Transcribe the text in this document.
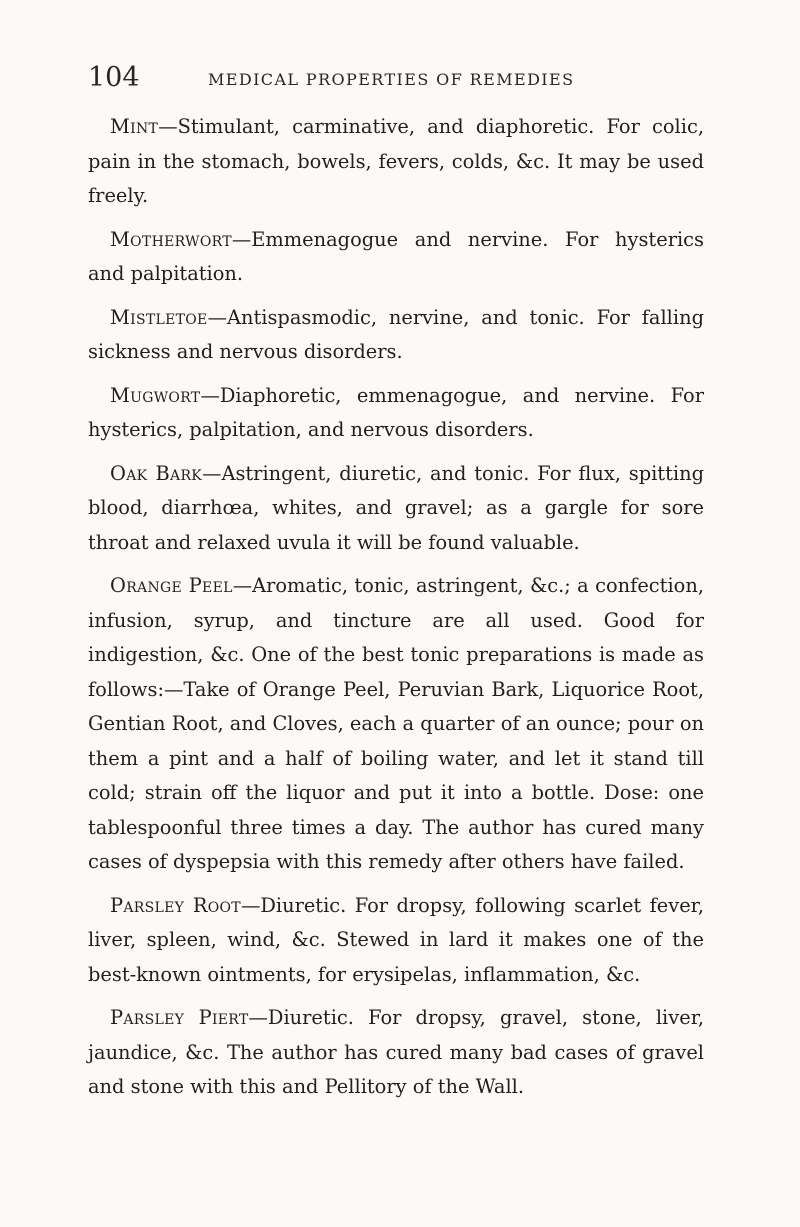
104	MEDICAL PROPERTIES OF REMEDIES

Mint—Stimulant, carminative, and diaphoretic. For colic, pain in the stomach, bowels, fevers, colds, &c. It may be used freely.

Motherwort—Emmenagogue and nervine. For hysterics and palpitation.

Mistletoe—Antispasmodic, nervine, and tonic. For falling sickness and nervous disorders.

Mugwort—Diaphoretic, emmenagogue, and nervine. For hysterics, palpitation, and nervous disorders.

Oak Bark—Astringent, diuretic, and tonic. For flux, spitting blood, diarrhœa, whites, and gravel; as a gargle for sore throat and relaxed uvula it will be found valuable.

Orange Peel—Aromatic, tonic, astringent, &c.; a confection, infusion, syrup, and tincture are all used. Good for indigestion, &c. One of the best tonic preparations is made as follows:—Take of Orange Peel, Peruvian Bark, Liquorice Root, Gentian Root, and Cloves, each a quarter of an ounce; pour on them a pint and a half of boiling water, and let it stand till cold; strain off the liquor and put it into a bottle. Dose: one tablespoonful three times a day. The author has cured many cases of dyspepsia with this remedy after others have failed.

Parsley Root—Diuretic. For dropsy, following scarlet fever, liver, spleen, wind, &c. Stewed in lard it makes one of the best-known ointments, for erysipelas, inflammation, &c.

Parsley Piert—Diuretic. For dropsy, gravel, stone, liver, jaundice, &c. The author has cured many bad cases of gravel and stone with this and Pellitory of the Wall.
